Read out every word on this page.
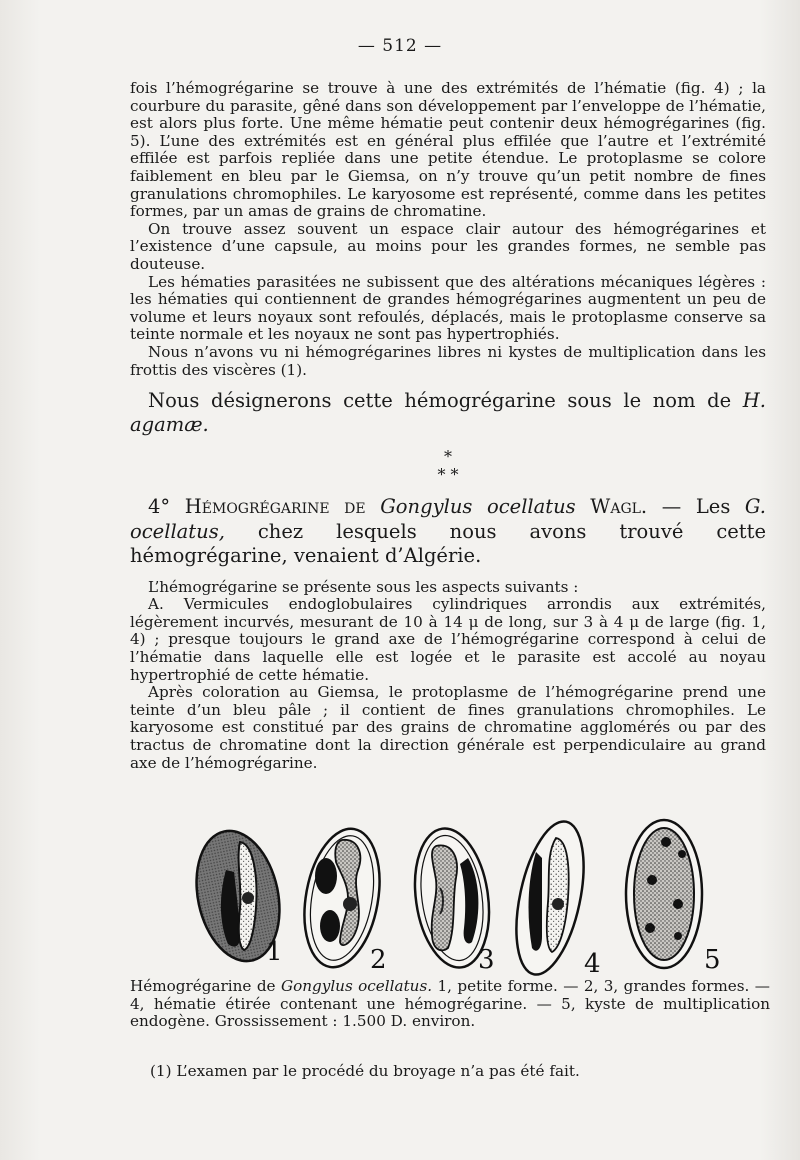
— 512 —

fois l’hémogrégarine se trouve à une des extrémités de l’hématie (fig. 4) ; la courbure du parasite, gêné dans son développement par l’enveloppe de l’hématie, est alors plus forte. Une même hématie peut contenir deux hémogrégarines (fig. 5). L’une des extrémités est en général plus effilée que l’autre et l’extrémité effilée est parfois repliée dans une petite étendue. Le protoplasme se colore faiblement en bleu par le Giemsa, on n’y trouve qu’un petit nombre de fines granulations chromophiles. Le karyosome est représenté, comme dans les petites formes, par un amas de grains de chromatine.

On trouve assez souvent un espace clair autour des hémogrégarines et l’existence d’une capsule, au moins pour les grandes formes, ne semble pas douteuse.

Les hématies parasitées ne subissent que des altérations mécaniques légères : les hématies qui contiennent de grandes hémogrégarines augmentent un peu de volume et leurs noyaux sont refoulés, déplacés, mais le protoplasme conserve sa teinte normale et les noyaux ne sont pas hypertrophiés.

Nous n’avons vu ni hémogrégarines libres ni kystes de multiplication dans les frottis des viscères (1).

Nous désignerons cette hémogrégarine sous le nom de H. agamæ.

*
* *

4° Hémogrégarine de Gongylus ocellatus Wagl. — Les G. ocellatus, chez lesquels nous avons trouvé cette hémogrégarine, venaient d’Algérie.

L’hémogrégarine se présente sous les aspects suivants :

A. Vermicules endoglobulaires cylindriques arrondis aux extrémités, légèrement incurvés, mesurant de 10 à 14 μ de long, sur 3 à 4 μ de large (fig. 1, 4) ; presque toujours le grand axe de l’hémogrégarine correspond à celui de l’hématie dans laquelle elle est logée et le parasite est accolé au noyau hypertrophié de cette hématie.

Après coloration au Giemsa, le protoplasme de l’hémogrégarine prend une teinte d’un bleu pâle ; il contient de fines granulations chromophiles. Le karyosome est constitué par des grains de chromatine agglomérés ou par des tractus de chromatine dont la direction générale est perpendiculaire au grand axe de l’hémogrégarine.

1	2	3	4	5
Hémogrégarine de Gongylus ocellatus. 1, petite forme. — 2, 3, grandes formes. — 4, hématie étirée contenant une hémogrégarine. — 5, kyste de multiplication endogène. Grossissement : 1.500 D. environ.
(1) L’examen par le procédé du broyage n’a pas été fait.
